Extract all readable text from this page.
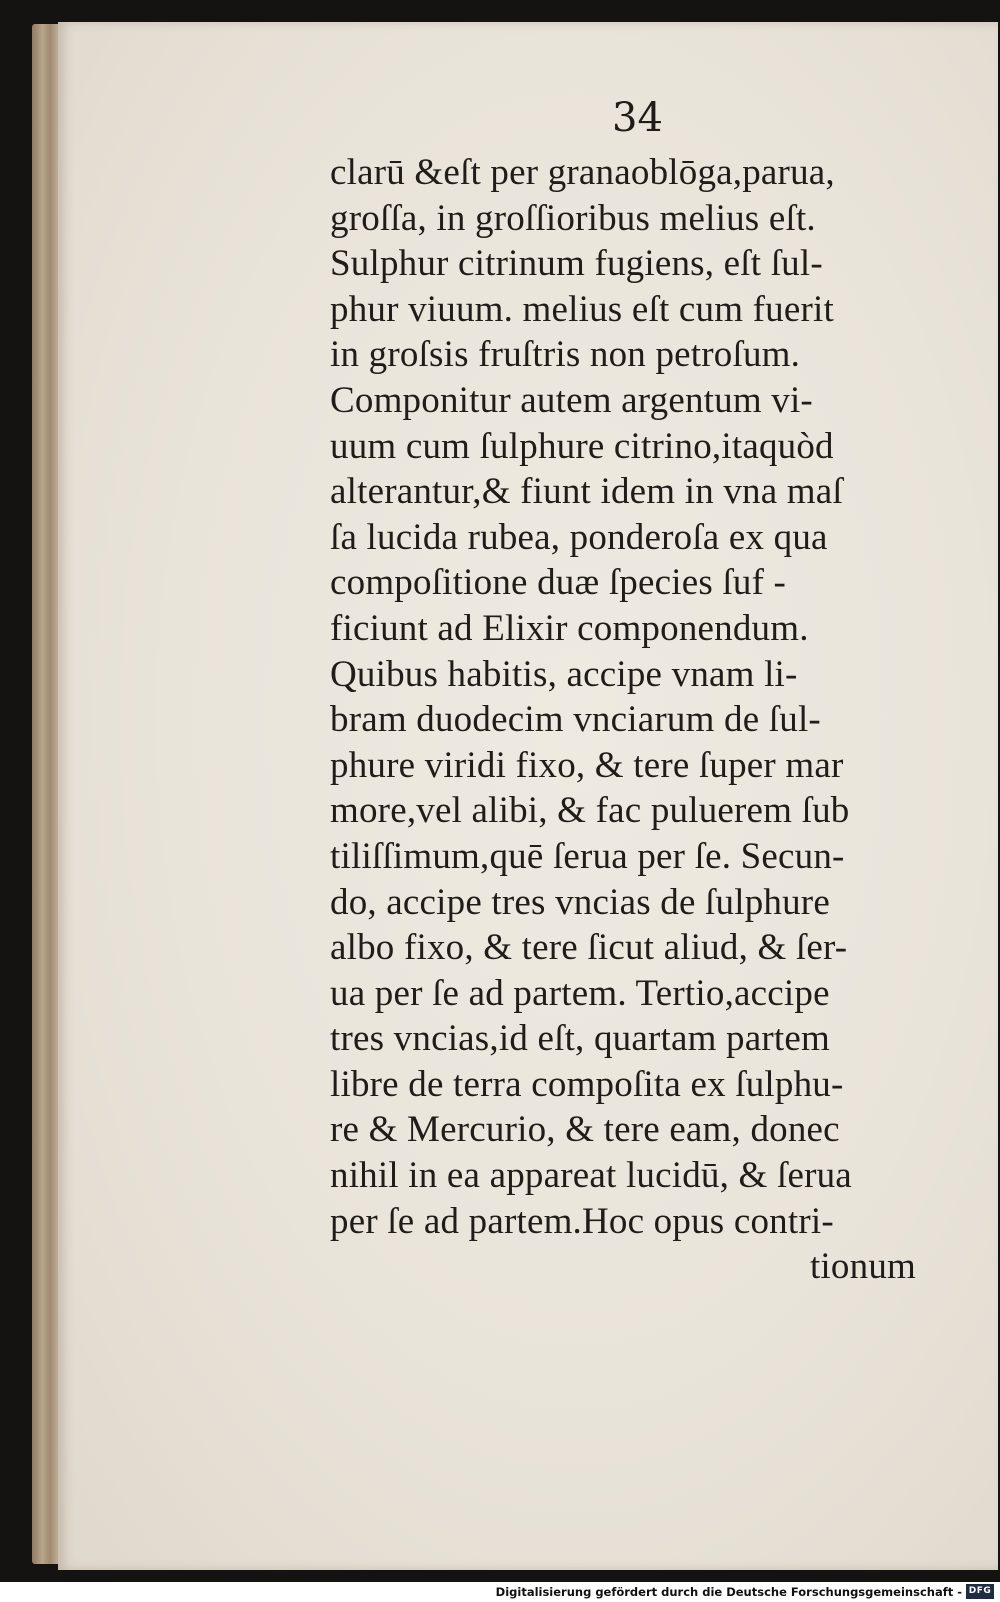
34

clarū &eſt per granaoblōga,parua,
groſſa, in groſſioribus melius eſt.
Sulphur citrinum fugiens, eſt ſul-
phur viuum. melius eſt cum fuerit
in groſsis fruſtris non petroſum.
Componitur autem argentum vi-
uum cum ſulphure citrino,itaquòd
alterantur,& fiunt idem in vna maſ
ſa lucida rubea, ponderoſa ex qua
compoſitione duæ ſpecies ſuf -
ficiunt ad Elixir componendum.
Quibus habitis, accipe vnam li-
bram duodecim vnciarum de ſul-
phure viridi fixo, & tere ſuper mar
more,vel alibi, & fac puluerem ſub
tiliſſimum,quē ſerua per ſe. Secun-
do, accipe tres vncias de ſulphure
albo fixo, & tere ſicut aliud, & ſer-
ua per ſe ad partem. Tertio,accipe
tres vncias,id eſt, quartam partem
libre de terra compoſita ex ſulphu-
re & Mercurio, & tere eam, donec
nihil in ea appareat lucidū, & ſerua
per ſe ad partem.Hoc opus contri-
tionum
Digitalisierung gefördert durch die Deutsche Forschungsgemeinschaft - DFG
